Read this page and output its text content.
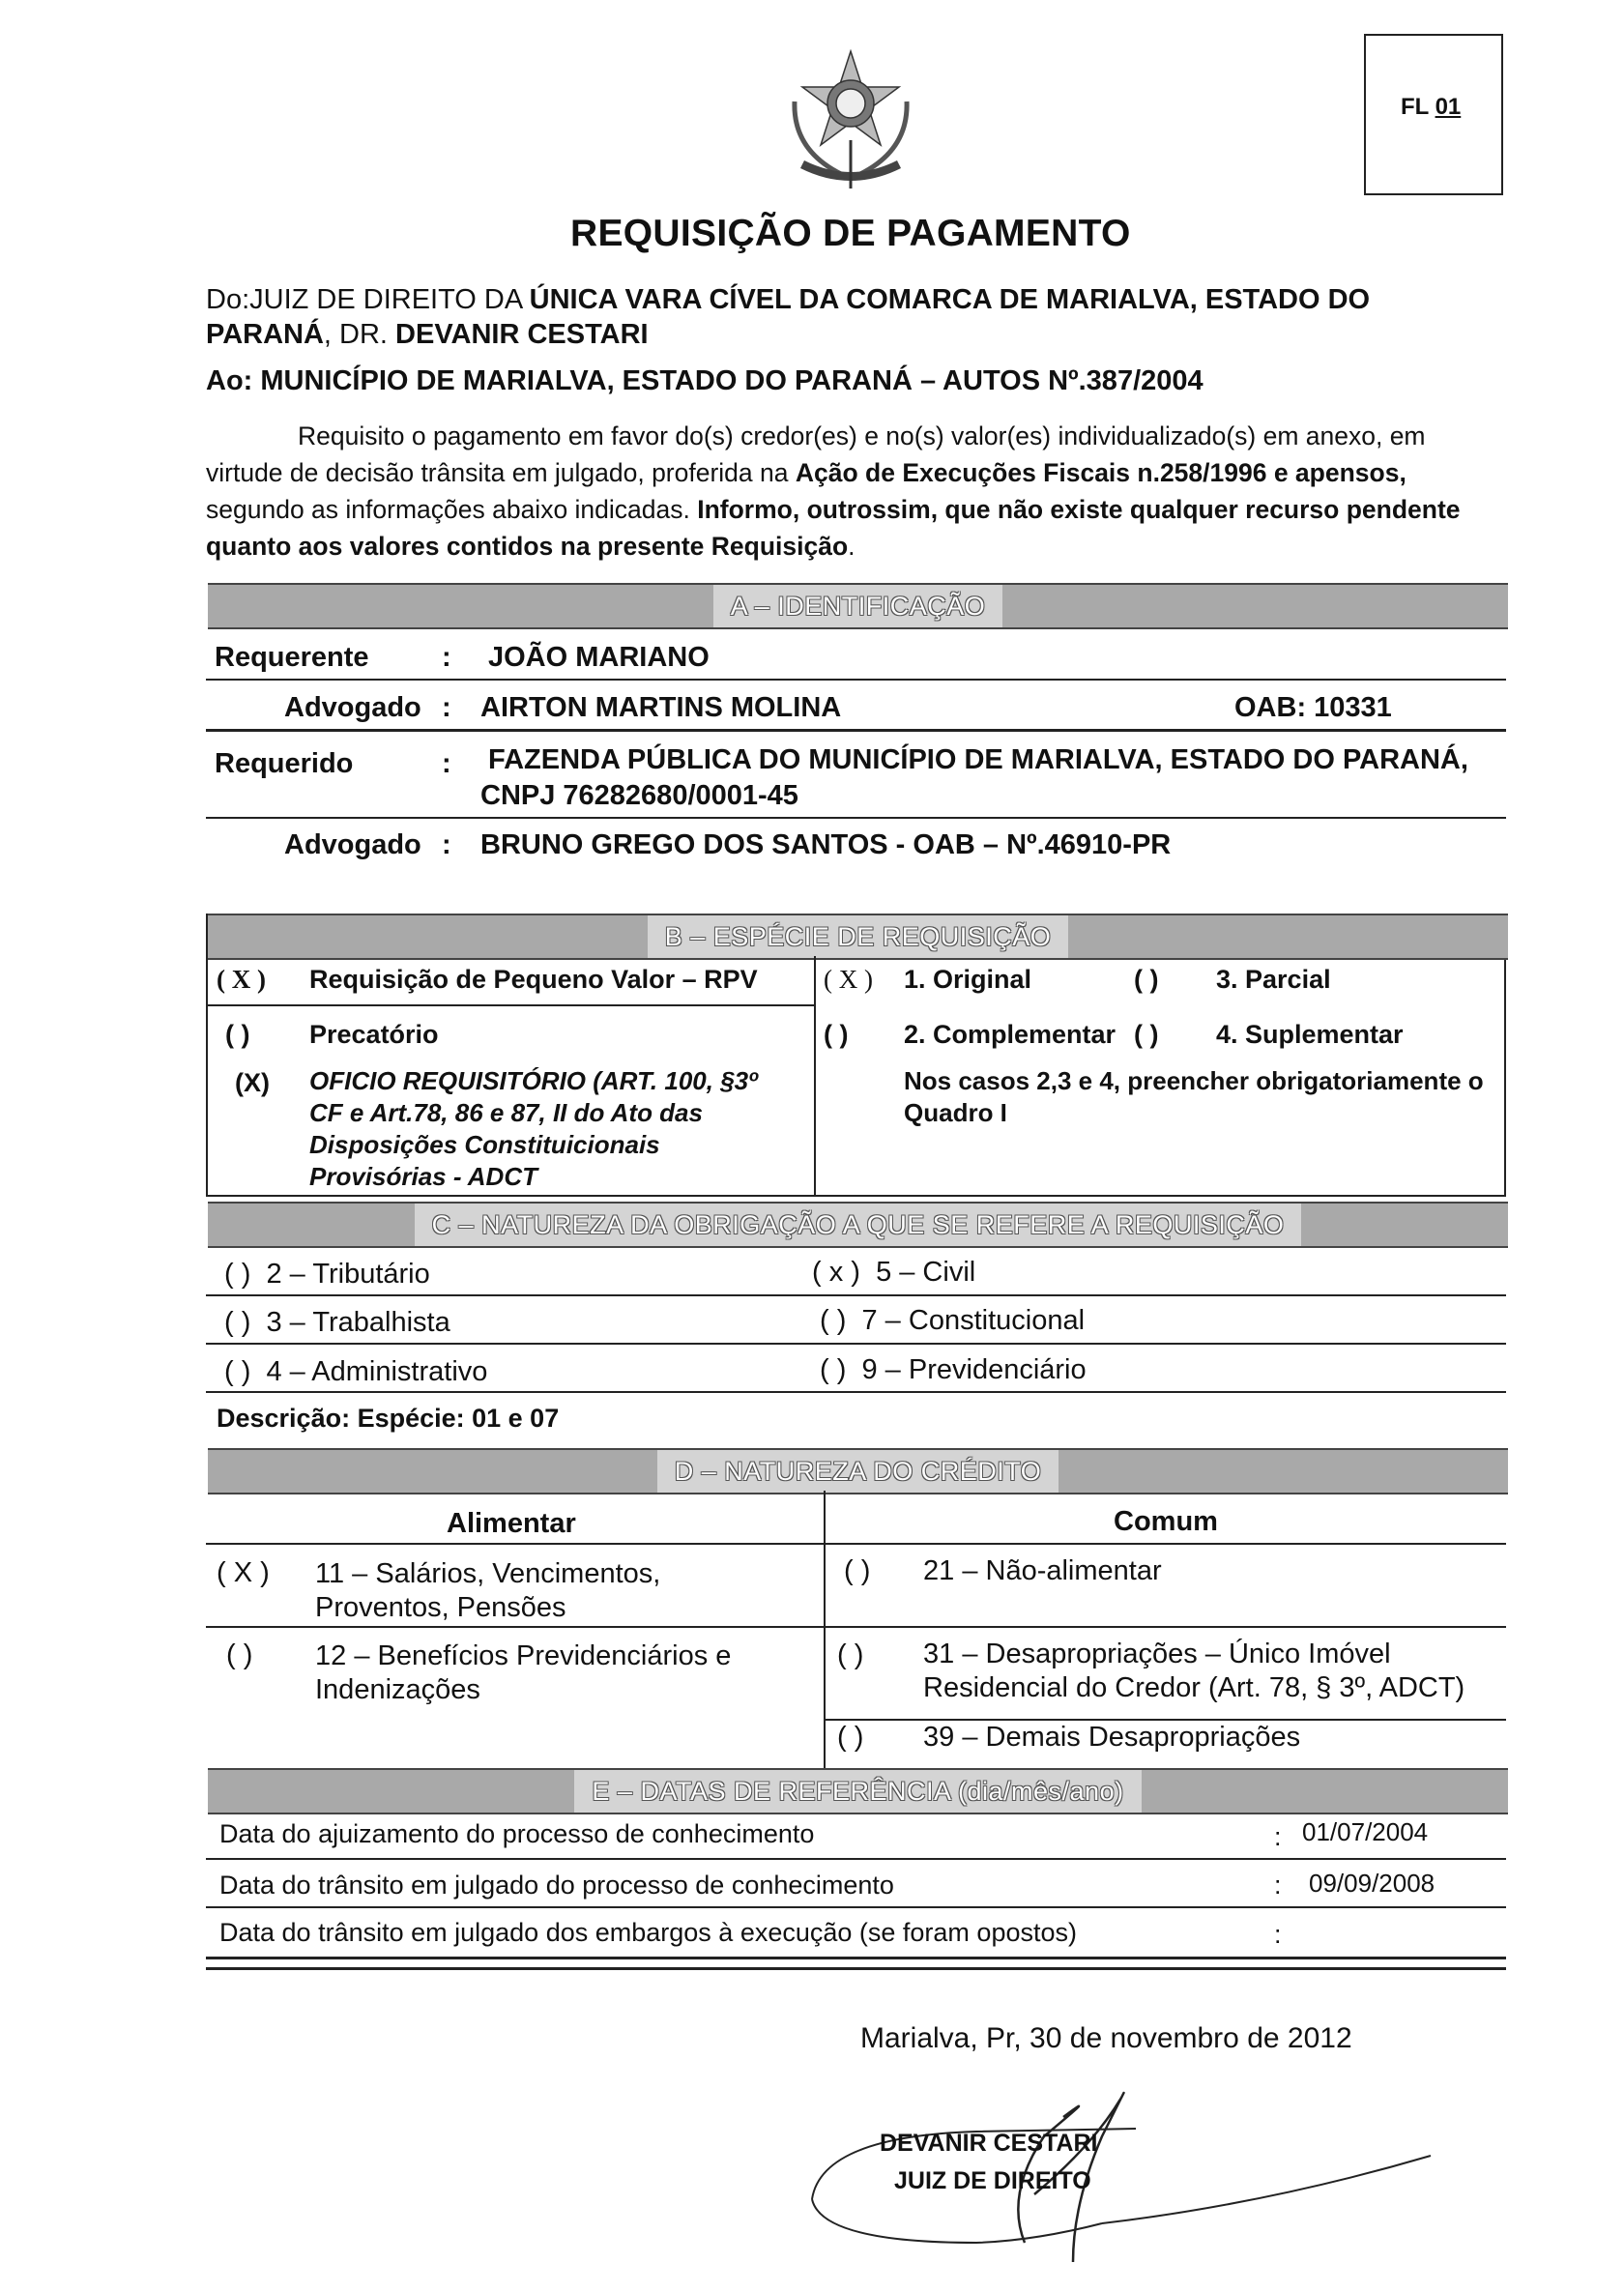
FL 01
REQUISIÇÃO DE PAGAMENTO
Do:JUIZ DE DIREITO DA ÚNICA VARA CÍVEL DA COMARCA DE MARIALVA, ESTADO DO
PARANÁ, DR. DEVANIR CESTARI
Ao: MUNICÍPIO DE MARIALVA, ESTADO DO PARANÁ – AUTOS Nº.387/2004
Requisito o pagamento em favor do(s) credor(es) e no(s) valor(es) individualizado(s) em anexo, em
virtude de decisão trânsita em julgado, proferida na Ação de Execuções Fiscais n.258/1996 e apensos,
segundo as informações abaixo indicadas. Informo, outrossim, que não existe qualquer recurso pendente
quanto aos valores contidos na presente Requisição.
A – IDENTIFICAÇÃO
Requerente	: JOÃO MARIANO
Advogado : AIRTON MARTINS MOLINA	OAB: 10331
Requerido	: FAZENDA PÚBLICA DO MUNICÍPIO DE MARIALVA, ESTADO DO PARANÁ,
CNPJ 76282680/0001-45
Advogado : BRUNO GREGO DOS SANTOS - OAB – Nº.46910-PR
B – ESPÉCIE DE REQUISIÇÃO
( X ) Requisição de Pequeno Valor – RPV	( X ) 1. Original	( ) 3. Parcial
( ) Precatório	( ) 2. Complementar ( ) 4. Suplementar
(X) OFICIO REQUISITÓRIO (ART. 100, §3º
CF e Art.78, 86 e 87, II do Ato das
Disposições Constituicionais
Provisórias - ADCT
Nos casos 2,3 e 4, preencher obrigatoriamente o
Quadro I
C – NATUREZA DA OBRIGAÇÃO A QUE SE REFERE A REQUISIÇÃO
( ) 2 – Tributário	( x ) 5 – Civil
( ) 3 – Trabalhista	( ) 7 – Constitucional
( ) 4 – Administrativo	( ) 9 – Previdenciário
Descrição: Espécie: 01 e 07
D – NATUREZA DO CRÉDITO
Alimentar	Comum
( X ) 11 – Salários, Vencimentos,
Proventos, Pensões
( ) 21 – Não-alimentar
( ) 12 – Benefícios Previdenciários e
Indenizações
( ) 31 – Desapropriações – Único Imóvel
Residencial do Credor (Art. 78, § 3º, ADCT)
( ) 39 – Demais Desapropriações
E – DATAS DE REFERÊNCIA (dia/mês/ano)
Data do ajuizamento do processo de conhecimento	: 01/07/2004
Data do trânsito em julgado do processo de conhecimento	: 09/09/2008
Data do trânsito em julgado dos embargos à execução (se foram opostos)	:
Marialva, Pr, 30 de novembro de 2012
DEVANIR CESTARI
JUIZ DE DIREITO
